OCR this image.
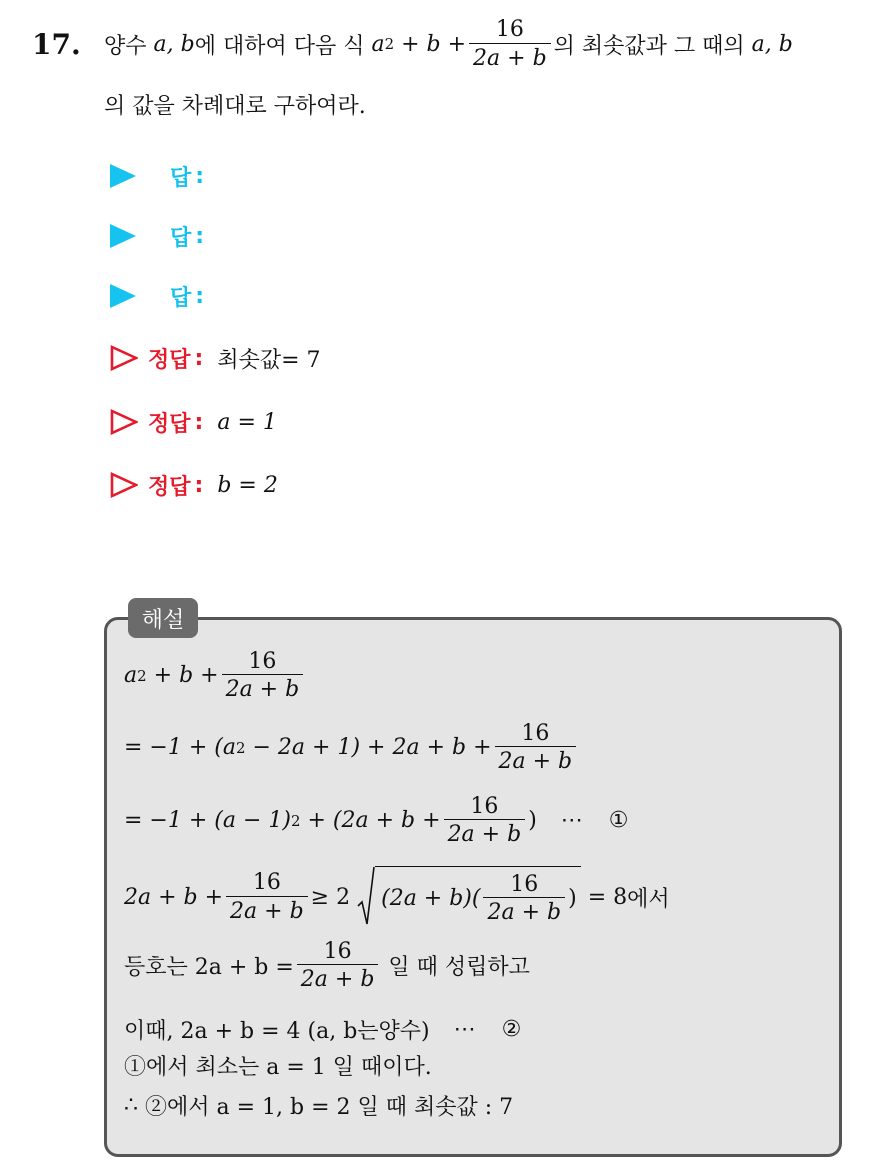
17.	양수
a, b 에 대하여 다음 식
a 2
+ $b + \frac{16}{2a + b}$ 의 최솟값과 그 때의
a, b
의 값을 차례대로 구하여라.
답 :
답 :
답 :
정답 : 최솟값= 7
정답 : a = 1
정답 : b = 2
해설
a 2
+ $b + \frac{16}{2a + b}$
= −1 + (a 2
− $2a + 1) + 2a + b + \frac{16}{2a + b}$
= −1 + (a − 1) 2
+ ($2a + b + \frac{16}{2a + b}$ ) ⋯ ①
$2a + b + \frac{16}{2a + b} \ge 2$
$(2a + b)( \frac{16}{2a + b}$ )
= 8 에서
등호는 $2a + b = \frac{16}{2a + b}$
일 때 성립하고
이때, 2a + b = 4 (a, b는양수) ⋯ ②
①에서 최소는 a = 1 일 때이다.
∴
②에서 a = 1, b = 2 일 때 최솟값 : 7
